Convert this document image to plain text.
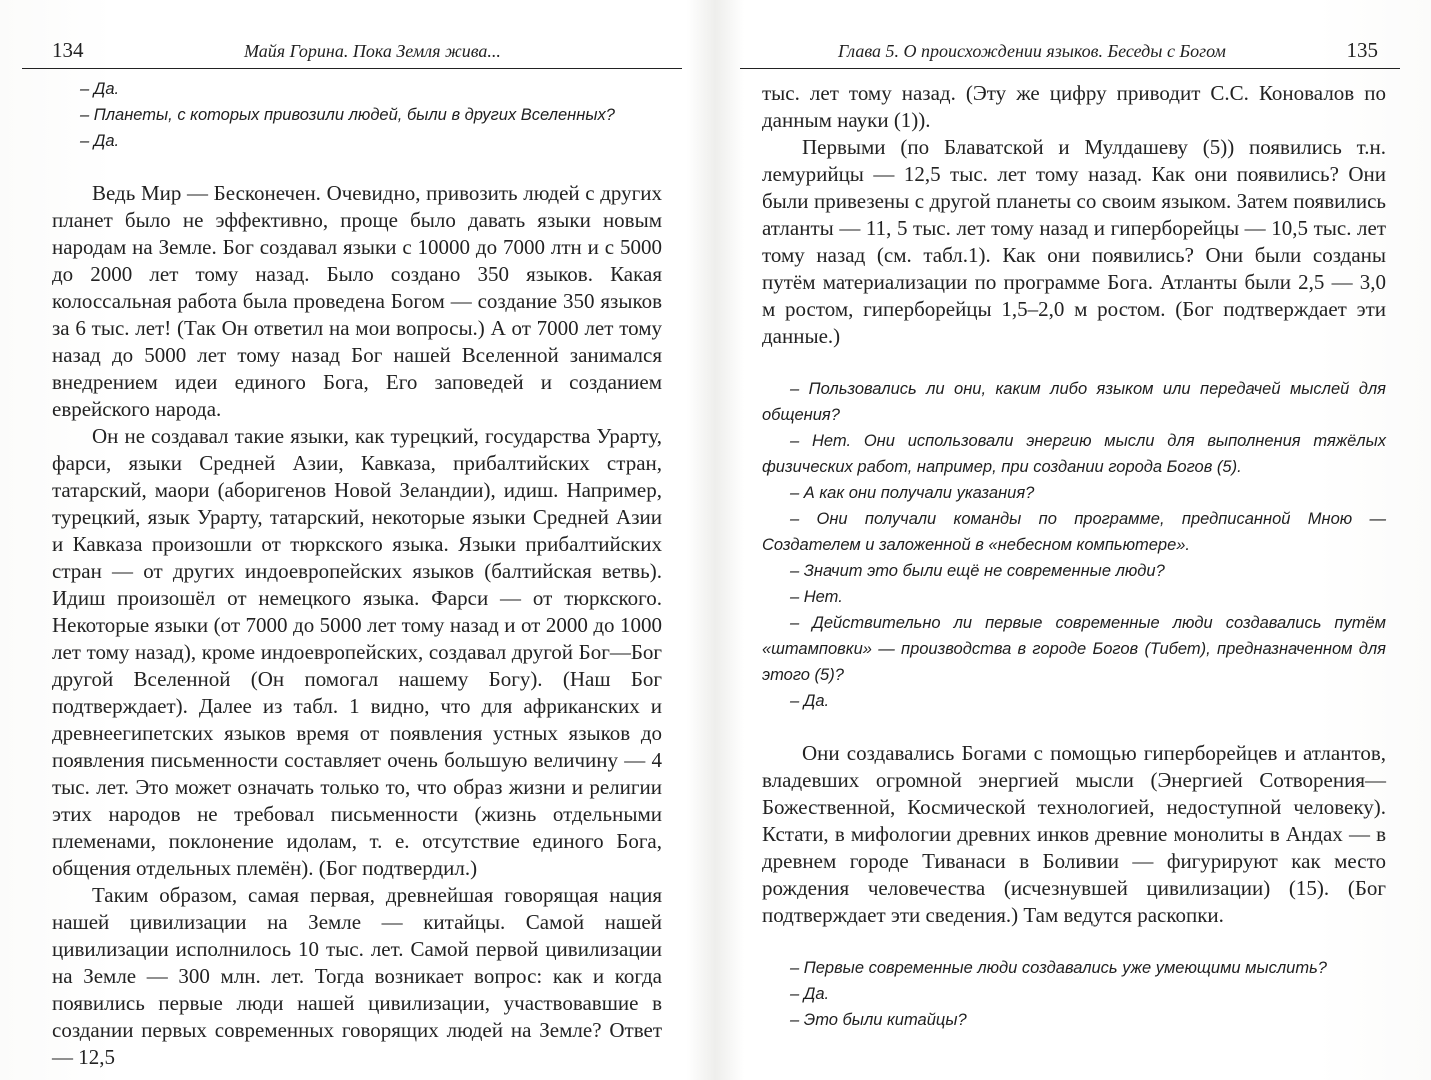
134	Майя Горина. Пока Земля жива...

– Да.

– Планеты, с которых привозили людей, были в других Вселенных?

– Да.

Ведь Мир — Бесконечен. Очевидно, привозить людей с других планет было не эффективно, проще было давать языки новым народам на Земле. Бог создавал языки с 10000 до 7000 лтн и с 5000 до 2000 лет тому назад. Было создано 350 языков. Какая колоссальная работа была проведена Богом — создание 350 языков за 6 тыс. лет! (Так Он ответил на мои вопросы.) А от 7000 лет тому назад до 5000 лет тому назад Бог нашей Вселенной занимался внедрением идеи единого Бога, Его заповедей и созданием еврейского народа.

Он не создавал такие языки, как турецкий, государства Урарту, фарси, языки Средней Азии, Кавказа, прибалтийских стран, татарский, маори (аборигенов Новой Зеландии), идиш. Например, турецкий, язык Урарту, татарский, некоторые языки Средней Азии и Кавказа произошли от тюркского языка. Языки прибалтийских стран — от других индоевропейских языков (балтийская ветвь). Идиш произошёл от немецкого языка. Фарси — от тюркского. Некоторые языки (от 7000 до 5000 лет тому назад и от 2000 до 1000 лет тому назад), кроме индоевропейских, создавал другой Бог—Бог другой Вселенной (Он помогал нашему Богу). (Наш Бог подтверждает). Далее из табл. 1 видно, что для африканских и древнеегипетских языков время от появления устных языков до появления письменности составляет очень большую величину — 4 тыс. лет. Это может означать только то, что образ жизни и религии этих народов не требовал письменности (жизнь отдельными племенами, поклонение идолам, т. е. отсутствие единого Бога, общения отдельных племён). (Бог подтвердил.)

Таким образом, самая первая, древнейшая говорящая нация нашей цивилизации на Земле — китайцы. Самой нашей цивилизации исполнилось 10 тыс. лет. Самой первой цивилизации на Земле — 300 млн. лет. Тогда возникает вопрос: как и когда появились первые люди нашей цивилизации, участвовавшие в создании первых современных говорящих людей на Земле? Ответ — 12,5

Глава 5. О происхождении языков. Беседы с Богом	135

тыс. лет тому назад. (Эту же цифру приводит С.С. Коновалов по данным науки (1)).

Первыми (по Блаватской и Мулдашеву (5)) появились т.н. лемурийцы — 12,5 тыс. лет тому назад. Как они появились? Они были привезены с другой планеты со своим языком. Затем появились атланты — 11, 5 тыс. лет тому назад и гиперборейцы — 10,5 тыс. лет тому назад (см. табл.1). Как они появились? Они были созданы путём материализации по программе Бога. Атланты были 2,5 — 3,0 м ростом, гиперборейцы 1,5–2,0 м ростом. (Бог подтверждает эти данные.)

– Пользовались ли они, каким либо языком или передачей мыслей для общения?

– Нет. Они использовали энергию мысли для выполнения тяжёлых физических работ, например, при создании города Богов (5).

– А как они получали указания?

– Они получали команды по программе, предписанной Мною — Создателем и заложенной в «небесном компьютере».

– Значит это были ещё не современные люди?

– Нет.

– Действительно ли первые современные люди создавались путём «штамповки» — производства в городе Богов (Тибет), предназначенном для этого (5)?

– Да.

Они создавались Богами с помощью гиперборейцев и атлантов, владевших огромной энергией мысли (Энергией Сотворения—Божественной, Космической технологией, недоступной человеку). Кстати, в мифологии древних инков древние монолиты в Андах — в древнем городе Тиванаси в Боливии — фигурируют как место рождения человечества (исчезнувшей цивилизации) (15). (Бог подтверждает эти сведения.) Там ведутся раскопки.

– Первые современные люди создавались уже умеющими мыслить?

– Да.

– Это были китайцы?
